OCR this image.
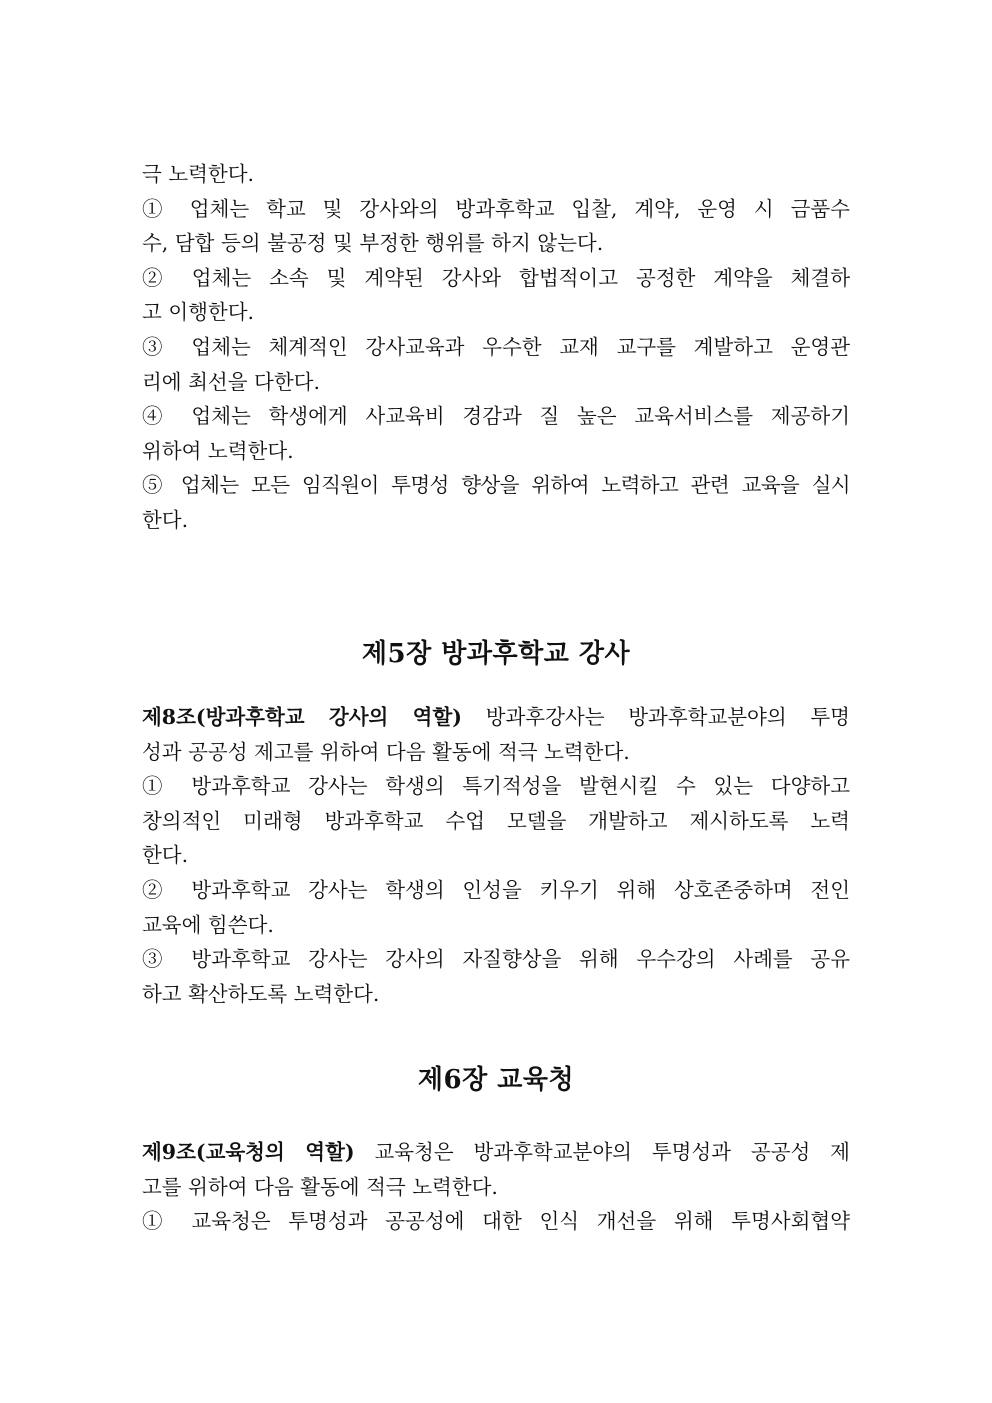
극 노력한다.
① 업체는 학교 및 강사와의 방과후학교 입찰, 계약, 운영 시 금품수
수, 담합 등의 불공정 및 부정한 행위를 하지 않는다.
② 업체는 소속 및 계약된 강사와 합법적이고 공정한 계약을 체결하
고 이행한다.
③ 업체는 체계적인 강사교육과 우수한 교재 교구를 계발하고 운영관
리에 최선을 다한다.
④ 업체는 학생에게 사교육비 경감과 질 높은 교육서비스를 제공하기
위하여 노력한다.
⑤ 업체는 모든 임직원이 투명성 향상을 위하여 노력하고 관련 교육을 실시
한다.
제5장 방과후학교 강사
제8조(방과후학교 강사의 역할) 방과후강사는 방과후학교분야의 투명
성과 공공성 제고를 위하여 다음 활동에 적극 노력한다.
① 방과후학교 강사는 학생의 특기적성을 발현시킬 수 있는 다양하고
창의적인 미래형 방과후학교 수업 모델을 개발하고 제시하도록 노력
한다.
② 방과후학교 강사는 학생의 인성을 키우기 위해 상호존중하며 전인
교육에 힘쓴다.
③ 방과후학교 강사는 강사의 자질향상을 위해 우수강의 사례를 공유
하고 확산하도록 노력한다.
제6장 교육청
제9조(교육청의 역할) 교육청은 방과후학교분야의 투명성과 공공성 제
고를 위하여 다음 활동에 적극 노력한다.
① 교육청은 투명성과 공공성에 대한 인식 개선을 위해 투명사회협약
